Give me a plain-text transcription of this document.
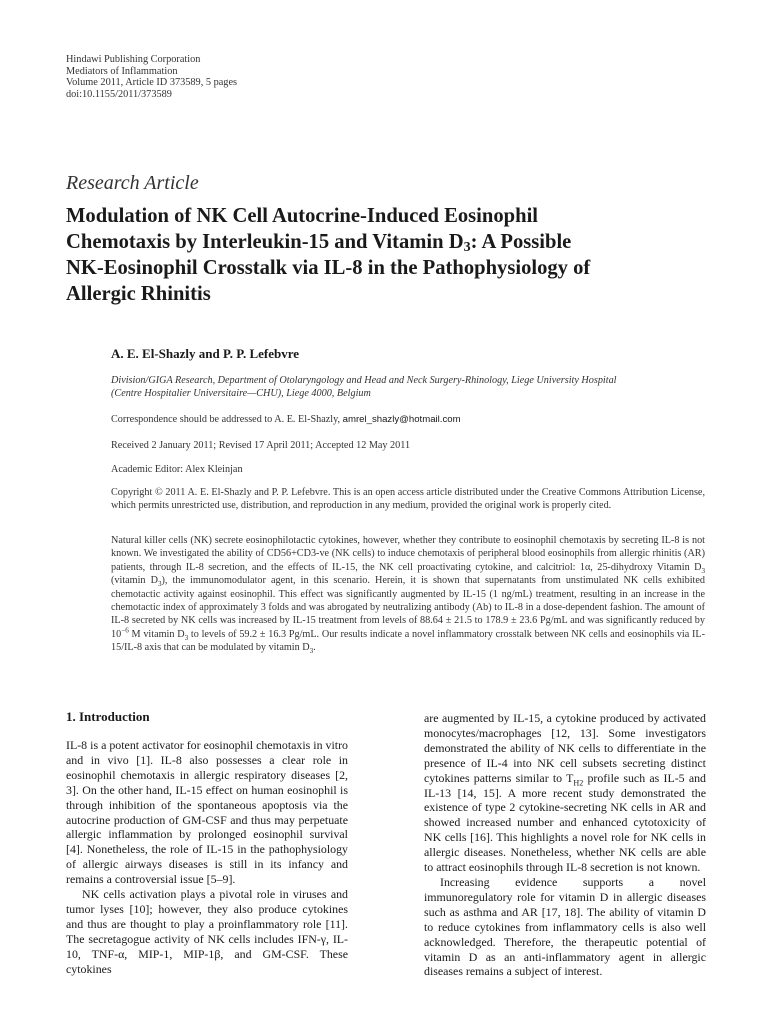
Hindawi Publishing Corporation
Mediators of Inflammation
Volume 2011, Article ID 373589, 5 pages
doi:10.1155/2011/373589
Research Article
Modulation of NK Cell Autocrine-Induced Eosinophil
Chemotaxis by Interleukin-15 and Vitamin $D_3$: A Possible
NK-Eosinophil Crosstalk via IL-8 in the Pathophysiology of
Allergic Rhinitis
A. E. El-Shazly and P. P. Lefebvre
Division/GIGA Research, Department of Otolaryngology and Head and Neck Surgery-Rhinology, Liege University Hospital
(Centre Hospitalier Universitaire—CHU), Liege 4000, Belgium
Correspondence should be addressed to A. E. El-Shazly, amrel_shazly@hotmail.com
Received 2 January 2011; Revised 17 April 2011; Accepted 12 May 2011
Academic Editor: Alex Kleinjan
Copyright © 2011 A. E. El-Shazly and P. P. Lefebvre. This is an open access article distributed under the Creative Commons Attribution License, which permits unrestricted use, distribution, and reproduction in any medium, provided the original work is properly cited.
Natural killer cells (NK) secrete eosinophilotactic cytokines, however, whether they contribute to eosinophil chemotaxis by secreting IL-8 is not known. We investigated the ability of CD56+CD3-ve (NK cells) to induce chemotaxis of peripheral blood eosinophils from allergic rhinitis (AR) patients, through IL-8 secretion, and the effects of IL-15, the NK cell proactivating cytokine, and calcitriol: 1α, 25-dihydroxy Vitamin $D_3$ (vitamin $D_3$), the immunomodulator agent, in this scenario. Herein, it is shown that supernatants from unstimulated NK cells exhibited chemotactic activity against eosinophil. This effect was significantly augmented by IL-15 (1 ng/mL) treatment, resulting in an increase in the chemotactic index of approximately 3 folds and was abrogated by neutralizing antibody (Ab) to IL-8 in a dose-dependent fashion. The amount of IL-8 secreted by NK cells was increased by IL-15 treatment from levels of 88.64 ± 21.5 to 178.9 ± 23.6 Pg/mL and was significantly reduced by $10^{-6}$ M vitamin $D_3$ to levels of 59.2 ± 16.3 Pg/mL. Our results indicate a novel inflammatory crosstalk between NK cells and eosinophils via IL-15/IL-8 axis that can be modulated by vitamin $D_3$.
1. Introduction

IL-8 is a potent activator for eosinophil chemotaxis in vitro and in vivo [1]. IL-8 also possesses a clear role in eosinophil chemotaxis in allergic respiratory diseases [2, 3]. On the other hand, IL-15 effect on human eosinophil is through inhibition of the spontaneous apoptosis via the autocrine production of GM-CSF and thus may perpetuate allergic inflammation by prolonged eosinophil survival [4]. Nonetheless, the role of IL-15 in the pathophysiology of allergic airways diseases is still in its infancy and remains a controversial issue [5–9].

NK cells activation plays a pivotal role in viruses and tumor lyses [10]; however, they also produce cytokines and thus are thought to play a proinflammatory role [11]. The secretagogue activity of NK cells includes IFN-γ, IL-10, TNF-α, MIP-1, MIP-1β, and GM-CSF. These cytokines

are augmented by IL-15, a cytokine produced by activated monocytes/macrophages [12, 13]. Some investigators demonstrated the ability of NK cells to differentiate in the presence of IL-4 into NK cell subsets secreting distinct cytokines patterns similar to $T_{H2}$ profile such as IL-5 and IL-13 [14, 15]. A more recent study demonstrated the existence of type 2 cytokine-secreting NK cells in AR and showed increased number and enhanced cytotoxicity of NK cells [16]. This highlights a novel role for NK cells in allergic diseases. Nonetheless, whether NK cells are able to attract eosinophils through IL-8 secretion is not known.

Increasing evidence supports a novel immunoregulatory role for vitamin D in allergic diseases such as asthma and AR [17, 18]. The ability of vitamin D to reduce cytokines from inflammatory cells is also well acknowledged. Therefore, the therapeutic potential of vitamin D as an anti-inflammatory agent in allergic diseases remains a subject of interest.
